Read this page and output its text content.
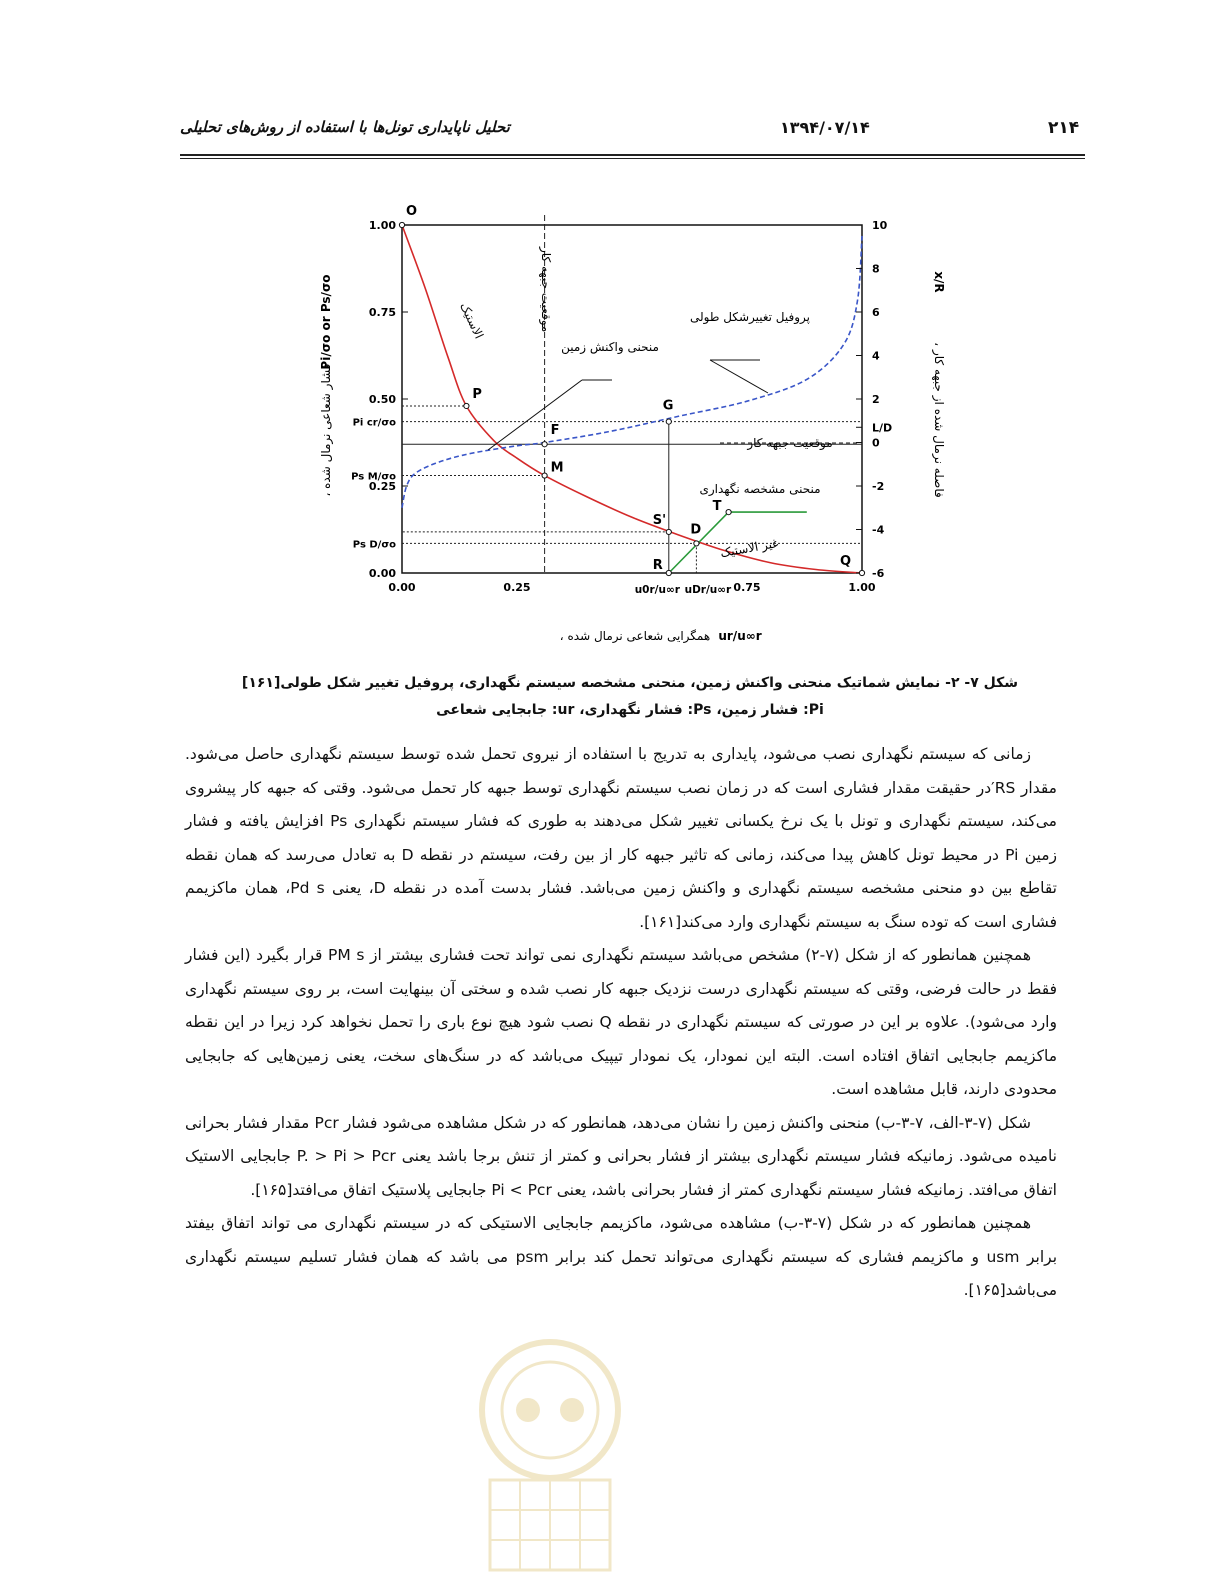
۲۱۴
۱۳۹۴/۰۷/۱۴
تحلیل ناپایداری تونل‌ها با استفاده از روش‌های تحلیلی
1.00
0.75
0.50
0.25
0.00
Pi cr/σo
Ps M/σo
Ps D/σo
10
8
6
4
2
L/D
0
-2
-4
-6
0.00	0.25	0.75	1.00
u0r/u∞r uDr/u∞r
O
P
F
G
M
S'
T
D
R	Q
فشار شعاعی نرمال شده ،
Pi/σo or Ps/σo
فاصله نرمال شده از جبهه کار ،
x/R
همگرایی شعاعی نرمال شده ، ur/u∞r
الاستیک	موقعیت جبهه کار
منحنی واکنش زمین
پروفیل تغییرشکل طولی
موقعیت جبهه کار
منحنی مشخصه نگهداری
غیر الاستیک
شکل ۷- ۲- نمایش شماتیک منحنی واکنش زمین، منحنی مشخصه سیستم نگهداری، پروفیل تغییر شکل طولی[۱۶۱]
Pi: فشار زمین، Ps: فشار نگهداری، ur: جابجایی شعاعی

زمانی که سیستم نگهداری نصب می‌شود، پایداری به تدریج با استفاده از نیروی تحمل شده توسط سیستم نگهداری حاصل می‌شود. مقدار RS′در حقیقت مقدار فشاری است که در زمان نصب سیستم نگهداری توسط جبهه کار تحمل می‌شود. وقتی که جبهه کار پیشروی می‌کند، سیستم نگهداری و تونل با یک نرخ یکسانی تغییر شکل می‌دهند به طوری که فشار سیستم نگهداری Ps افزایش یافته و فشار زمین Pi در محیط تونل کاهش پیدا می‌کند، زمانی که تاثیر جبهه کار از بین رفت، سیستم در نقطه D به تعادل می‌رسد که همان نقطه تقاطع بین دو منحنی مشخصه سیستم نگهداری و واکنش زمین می‌باشد. فشار بدست آمده در نقطه D، یعنی Pd s، همان ماکزیمم فشاری است که توده سنگ به سیستم نگهداری وارد می‌کند[۱۶۱].

همچنین همانطور که از شکل (۷-۲) مشخص می‌باشد سیستم نگهداری نمی تواند تحت فشاری بیشتر از PM s قرار بگیرد (این فشار فقط در حالت فرضی، وقتی که سیستم نگهداری درست نزدیک جبهه کار نصب شده و سختی آن بینهایت است، بر روی سیستم نگهداری وارد می‌شود). علاوه بر این در صورتی که سیستم نگهداری در نقطه Q نصب شود هیچ نوع باری را تحمل نخواهد کرد زیرا در این نقطه ماکزیمم جابجایی اتفاق افتاده است. البته این نمودار، یک نمودار تیپیک می‌باشد که در سنگ‌های سخت، یعنی زمین‌هایی که جابجایی محدودی دارند، قابل مشاهده است.

شکل (۷-۳-الف، ۷-۳-ب) منحنی واکنش زمین را نشان می‌دهد، همانطور که در شکل مشاهده می‌شود فشار Pcr مقدار فشار بحرانی نامیده می‌شود. زمانیکه فشار سیستم نگهداری بیشتر از فشار بحرانی و کمتر از تنش برجا باشد یعنی P. > Pi > Pcr جابجایی الاستیک اتفاق می‌افتد. زمانیکه فشار سیستم نگهداری کمتر از فشار بحرانی باشد، یعنی Pi < Pcr جابجایی پلاستیک اتفاق می‌افتد[۱۶۵].

همچنین همانطور که در شکل (۷-۳-ب) مشاهده می‌شود، ماکزیمم جابجایی الاستیکی که در سیستم نگهداری می تواند اتفاق بیفتد برابر usm و ماکزیمم فشاری که سیستم نگهداری می‌تواند تحمل کند برابر psm می باشد که همان فشار تسلیم سیستم نگهداری می‌باشد[۱۶۵].
